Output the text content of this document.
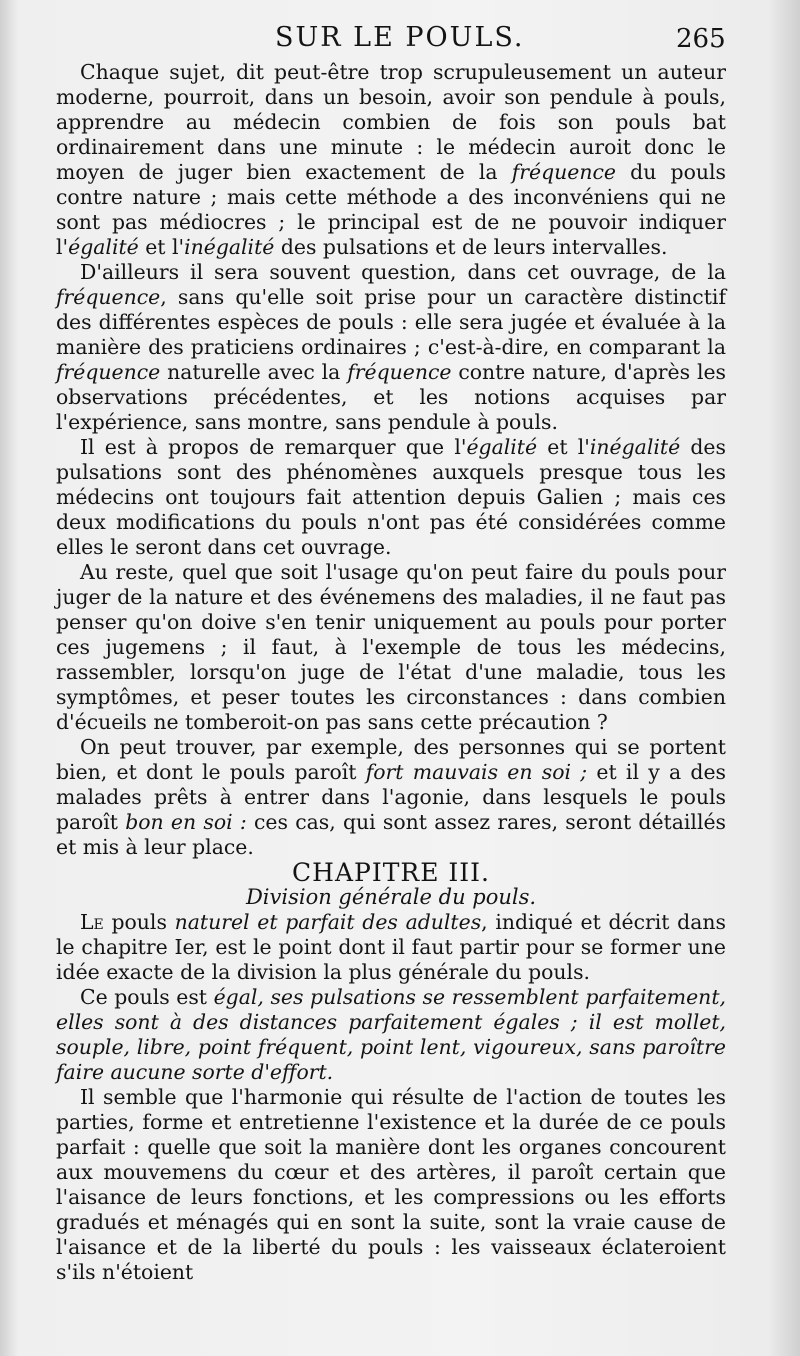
SUR LE POULS.	265

Chaque sujet, dit peut-être trop scrupuleusement un auteur moderne, pourroit, dans un besoin, avoir son pendule à pouls, apprendre au médecin combien de fois son pouls bat ordinairement dans une minute : le médecin auroit donc le moyen de juger bien exactement de la fréquence du pouls contre nature ; mais cette méthode a des inconvéniens qui ne sont pas médiocres ; le principal est de ne pouvoir indiquer l'égalité et l'inégalité des pulsations et de leurs intervalles.

D'ailleurs il sera souvent question, dans cet ouvrage, de la fréquence, sans qu'elle soit prise pour un caractère distinctif des différentes espèces de pouls : elle sera jugée et évaluée à la manière des praticiens ordinaires ; c'est-à-dire, en comparant la fréquence naturelle avec la fréquence contre nature, d'après les observations précédentes, et les notions acquises par l'expérience, sans montre, sans pendule à pouls.

Il est à propos de remarquer que l'égalité et l'inégalité des pulsations sont des phénomènes auxquels presque tous les médecins ont toujours fait attention depuis Galien ; mais ces deux modifications du pouls n'ont pas été considérées comme elles le seront dans cet ouvrage.

Au reste, quel que soit l'usage qu'on peut faire du pouls pour juger de la nature et des événemens des maladies, il ne faut pas penser qu'on doive s'en tenir uniquement au pouls pour porter ces jugemens ; il faut, à l'exemple de tous les médecins, rassembler, lorsqu'on juge de l'état d'une maladie, tous les symptômes, et peser toutes les circonstances : dans combien d'écueils ne tomberoit-on pas sans cette précaution ?

On peut trouver, par exemple, des personnes qui se portent bien, et dont le pouls paroît fort mauvais en soi ; et il y a des malades prêts à entrer dans l'agonie, dans lesquels le pouls paroît bon en soi : ces cas, qui sont assez rares, seront détaillés et mis à leur place.

CHAPITRE III.

Division générale du pouls.

Le pouls naturel et parfait des adultes, indiqué et décrit dans le chapitre Ier, est le point dont il faut partir pour se former une idée exacte de la division la plus générale du pouls.

Ce pouls est égal, ses pulsations se ressemblent parfaitement, elles sont à des distances parfaitement égales ; il est mollet, souple, libre, point fréquent, point lent, vigoureux, sans paroître faire aucune sorte d'effort.

Il semble que l'harmonie qui résulte de l'action de toutes les parties, forme et entretienne l'existence et la durée de ce pouls parfait : quelle que soit la manière dont les organes concourent aux mouvemens du cœur et des artères, il paroît certain que l'aisance de leurs fonctions, et les compressions ou les efforts gradués et ménagés qui en sont la suite, sont la vraie cause de l'aisance et de la liberté du pouls : les vaisseaux éclateroient s'ils n'étoient
